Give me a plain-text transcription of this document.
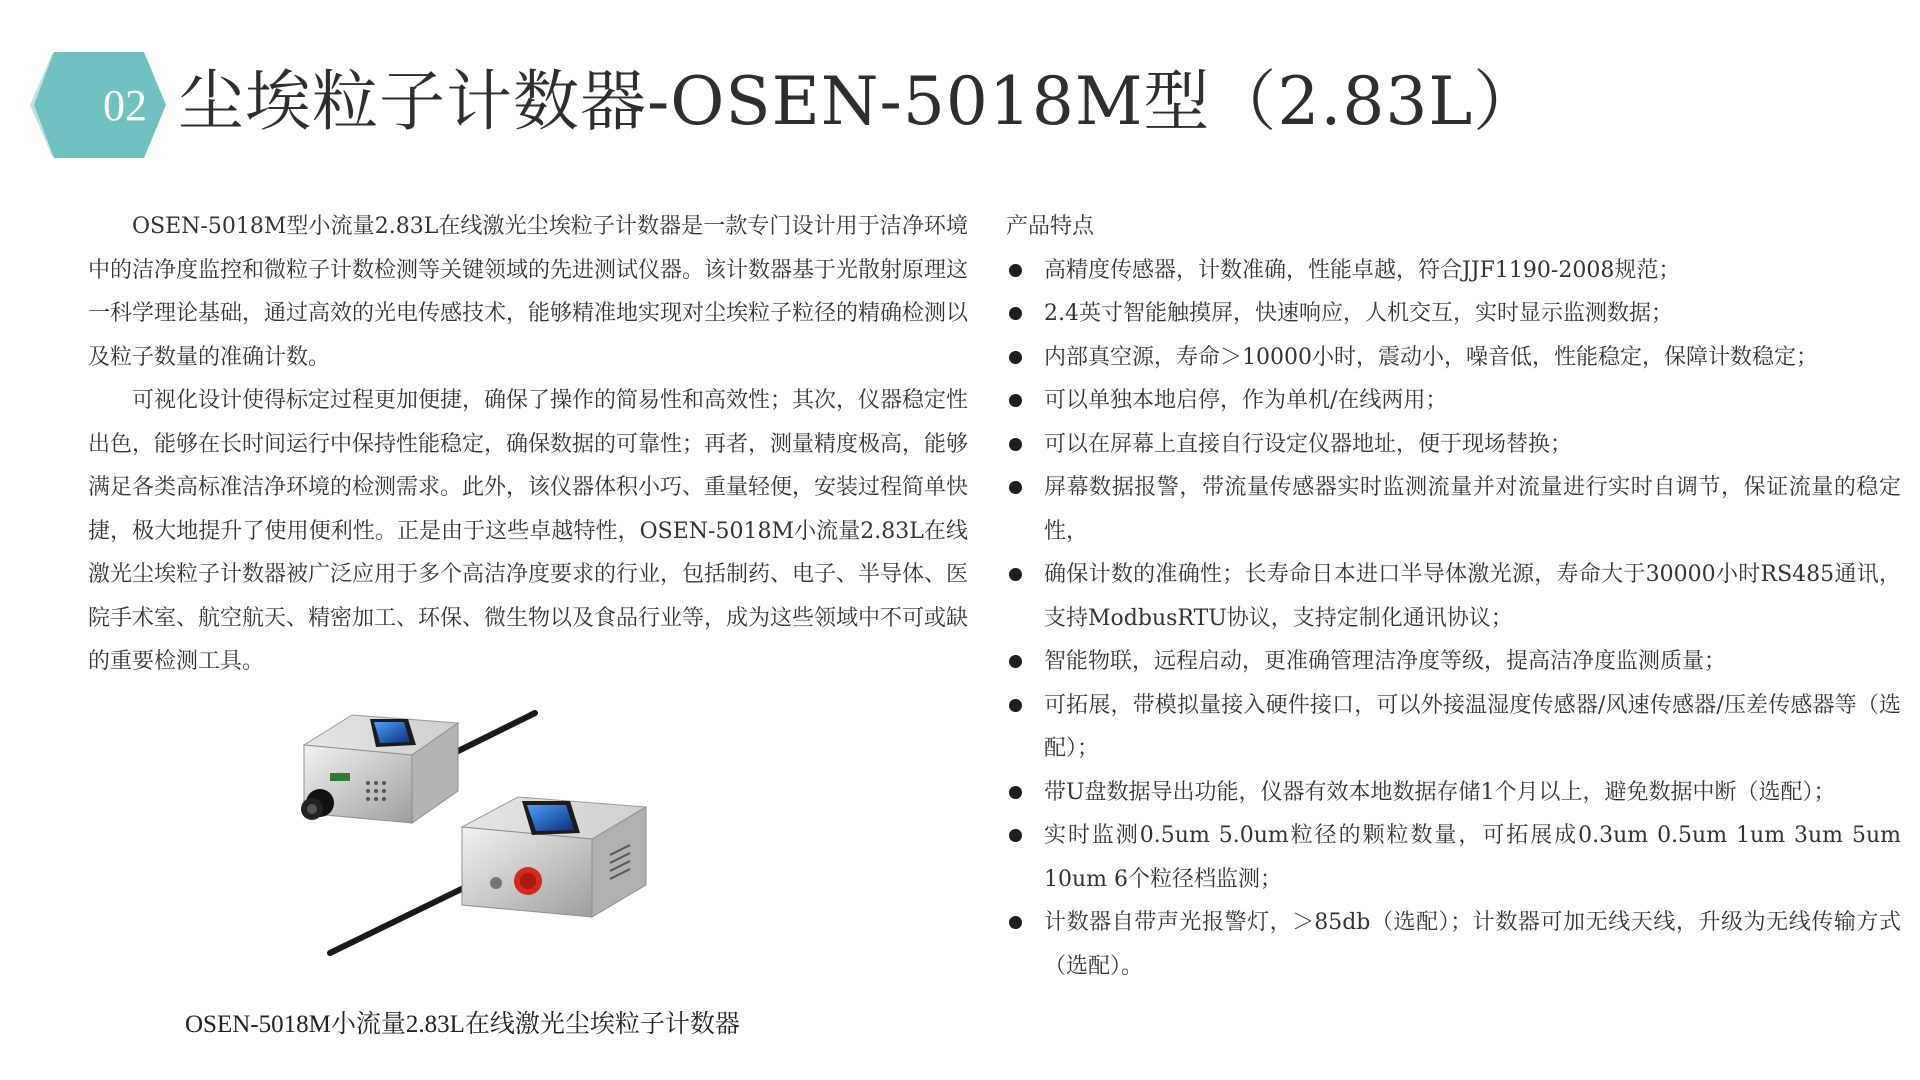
02 尘埃粒子计数器-OSEN-5018M型（2.83L）

OSEN-5018M型小流量2.83L在线激光尘埃粒子计数器是一款专门设计用于洁净环境中的洁净度监控和微粒子计数检测等关键领域的先进测试仪器。该计数器基于光散射原理这一科学理论基础，通过高效的光电传感技术，能够精准地实现对尘埃粒子粒径的精确检测以及粒子数量的准确计数。

可视化设计使得标定过程更加便捷，确保了操作的简易性和高效性；其次，仪器稳定性出色，能够在长时间运行中保持性能稳定，确保数据的可靠性；再者，测量精度极高，能够满足各类高标准洁净环境的检测需求。此外，该仪器体积小巧、重量轻便，安装过程简单快捷，极大地提升了使用便利性。正是由于这些卓越特性，OSEN-5018M小流量2.83L在线激光尘埃粒子计数器被广泛应用于多个高洁净度要求的行业，包括制药、电子、半导体、医院手术室、航空航天、精密加工、环保、微生物以及食品行业等，成为这些领域中不可或缺的重要检测工具。

OSEN-5018M小流量2.83L在线激光尘埃粒子计数器
产品特点
高精度传感器，计数准确，性能卓越，符合JJF1190-2008规范；
2.4英寸智能触摸屏，快速响应，人机交互，实时显示监测数据；
内部真空源，寿命＞10000小时，震动小，噪音低，性能稳定，保障计数稳定；
可以单独本地启停，作为单机/在线两用；
可以在屏幕上直接自行设定仪器地址，便于现场替换；
屏幕数据报警，带流量传感器实时监测流量并对流量进行实时自调节，保证流量的稳定性，
确保计数的准确性；长寿命日本进口半导体激光源，寿命大于30000小时RS485通讯，支持ModbusRTU协议，支持定制化通讯协议；
智能物联，远程启动，更准确管理洁净度等级，提高洁净度监测质量；
可拓展，带模拟量接入硬件接口，可以外接温湿度传感器/风速传感器/压差传感器等（选配）；
带U盘数据导出功能，仪器有效本地数据存储1个月以上，避免数据中断（选配）；
实时监测0.5um 5.0um粒径的颗粒数量，可拓展成0.3um 0.5um 1um 3um 5um 10um 6个粒径档监测；
计数器自带声光报警灯，＞85db（选配）；计数器可加无线天线，升级为无线传输方式（选配）。
